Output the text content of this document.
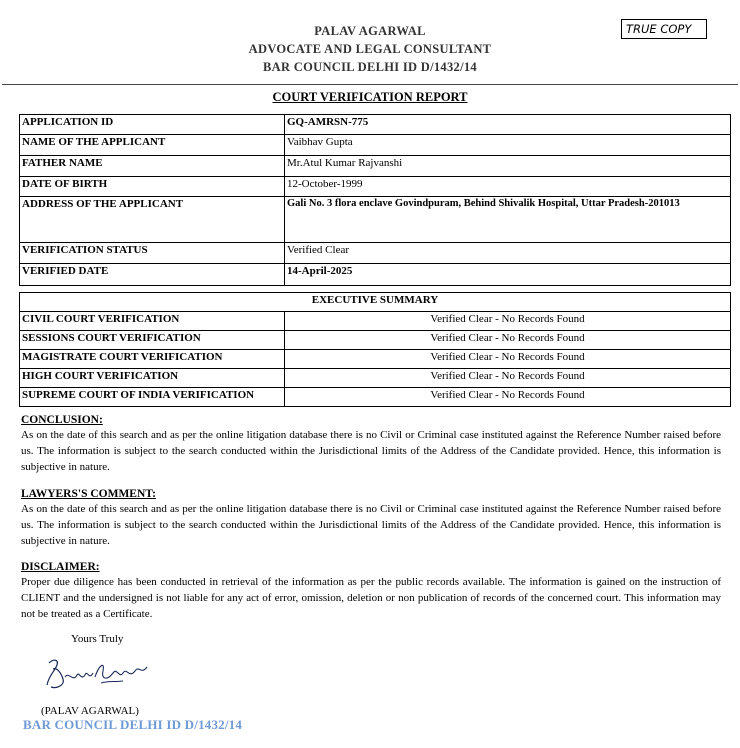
PALAV AGARWAL
ADVOCATE AND LEGAL CONSULTANT
BAR COUNCIL DELHI ID D/1432/14
TRUE COPY
COURT VERIFICATION REPORT
APPLICATION ID	GQ-AMRSN-775
NAME OF THE APPLICANT	Vaibhav Gupta
FATHER NAME	Mr.Atul Kumar Rajvanshi
DATE OF BIRTH	12-October-1999
ADDRESS OF THE APPLICANT	Gali No. 3 flora enclave Govindpuram, Behind Shivalik Hospital, Uttar Pradesh-201013
VERIFICATION STATUS	Verified Clear
VERIFIED DATE	14-April-2025
EXECUTIVE SUMMARY	
CIVIL COURT VERIFICATION	Verified Clear - No Records Found
SESSIONS COURT VERIFICATION	Verified Clear - No Records Found
MAGISTRATE COURT VERIFICATION	Verified Clear - No Records Found
HIGH COURT VERIFICATION	Verified Clear - No Records Found
SUPREME COURT OF INDIA VERIFICATION	Verified Clear - No Records Found
CONCLUSION:

As on the date of this search and as per the online litigation database there is no Civil or Criminal case instituted against the Reference Number raised before us. The information is subject to the search conducted within the Jurisdictional limits of the Address of the Candidate provided. Hence, this information is subjective in nature.

LAWYERS'S COMMENT:

As on the date of this search and as per the online litigation database there is no Civil or Criminal case instituted against the Reference Number raised before us. The information is subject to the search conducted within the Jurisdictional limits of the Address of the Candidate provided. Hence, this information is subjective in nature.

DISCLAIMER:

Proper due diligence has been conducted in retrieval of the information as per the public records available. The information is gained on the instruction of CLIENT and the undersigned is not liable for any act of error, omission, deletion or non publication of records of the concerned court. This information may not be treated as a Certificate.

Yours Truly
(PALAV AGARWAL)
BAR COUNCIL DELHI ID D/1432/14
